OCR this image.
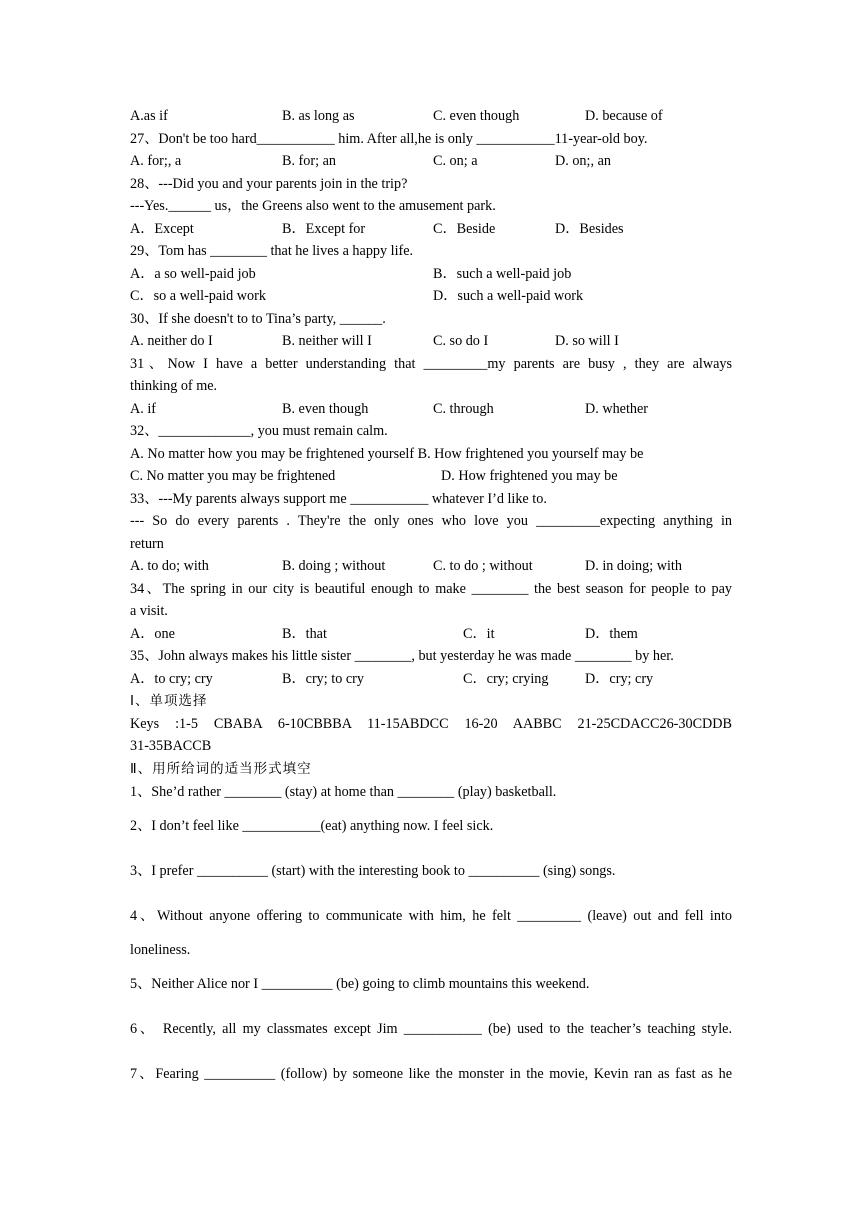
A.as if	B. as long as	C. even though	D. because of
27、Don't be too hard___________ him. After all,he is only ___________11-year-old boy.
A. for;, a	B. for; an	C. on; a	D. on;, an
28、---Did you and your parents join in the trip?
---Yes.______ us，the Greens also went to the amusement park.
A．Except	B．Except for	C．Beside	D．Besides
29、Tom has ________ that he lives a happy life.
A．a so well-paid job	B．such a well-paid job
C．so a well-paid work	D．such a well-paid work
30、If she doesn't to to Tina’s party, ______.
A. neither do I	B. neither will I	C. so do I	D. so will I
31、Now I have a better understanding that _________my parents are busy , they are always
thinking of me.
A. if	B. even though	C. through	D. whether
32、_____________, you must remain calm.
A. No matter how you may be frightened yourself B. How frightened you yourself may be
C. No matter you may be frightened	D. How frightened you may be
33、---My parents always support me ___________ whatever I’d like to.
--- So do every parents . They're the only ones who love you _________expecting anything in
return
A. to do; with	B. doing ; without	C. to do ; without	D. in doing; with
34、The spring in our city is beautiful enough to make ________ the best season for people to pay
a visit.
A．one	B．that	C．it	D．them
35、John always makes his little sister ________, but yesterday he was made ________ by her.
A．to cry; cry	B．cry; to cry	C．cry; crying	D．cry; cry
Ⅰ、单项选择
Keys :1-5 CBABA 6-10CBBBA 11-15ABDCC 16-20 AABBC 21-25CDACC26-30CDDB
31-35BACCB
Ⅱ、用所给词的适当形式填空
1、She’d rather ________ (stay) at home than ________ (play) basketball.
2、I don’t feel like ___________(eat) anything now. I feel sick.
3、I prefer __________ (start) with the interesting book to __________ (sing) songs.
4、Without anyone offering to communicate with him, he felt _________ (leave) out and fell into
loneliness.
5、Neither Alice nor I __________ (be) going to climb mountains this weekend.
6、 Recently, all my classmates except Jim ___________ (be) used to the teacher’s teaching style.
7、Fearing __________ (follow) by someone like the monster in the movie, Kevin ran as fast as he
